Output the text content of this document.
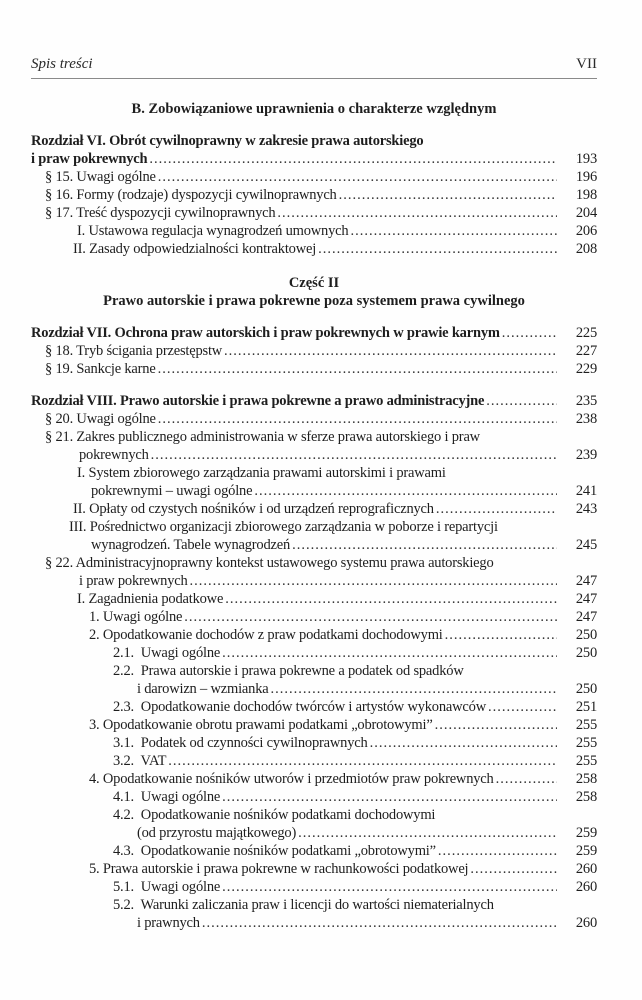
Spis treści	VII
B. Zobowiązaniowe uprawnienia o charakterze względnym
Rozdział VI. Obrót cywilnoprawny w zakresie prawa autorskiego
i praw pokrewnych .....	193
§ 15. Uwagi ogólne .....	196
§ 16. Formy (rodzaje) dyspozycji cywilnoprawnych .....	198
§ 17. Treść dyspozycji cywilnoprawnych .....	204
I. Ustawowa regulacja wynagrodzeń umownych .....	206
II. Zasady odpowiedzialności kontraktowej .....	208
Część II
Prawo autorskie i prawa pokrewne poza systemem prawa cywilnego
Rozdział VII. Ochrona praw autorskich i praw pokrewnych w prawie karnym .....	225
§ 18. Tryb ścigania przestępstw .....	227
§ 19. Sankcje karne .....	229
Rozdział VIII. Prawo autorskie i prawa pokrewne a prawo administracyjne .....	235
§ 20. Uwagi ogólne .....	238
§ 21. Zakres publicznego administrowania w sferze prawa autorskiego i praw
pokrewnych .....	239
I. System zbiorowego zarządzania prawami autorskimi i prawami
pokrewnymi – uwagi ogólne .....	241
II. Opłaty od czystych nośników i od urządzeń reprograficznych .....	243
III. Pośrednictwo organizacji zbiorowego zarządzania w poborze i repartycji
wynagrodzeń. Tabele wynagrodzeń .....	245
§ 22. Administracyjnoprawny kontekst ustawowego systemu prawa autorskiego
i praw pokrewnych .....	247
I. Zagadnienia podatkowe .....	247
1. Uwagi ogólne .....	247
2. Opodatkowanie dochodów z praw podatkami dochodowymi .....	250
2.1.  Uwagi ogólne .....	250
2.2.  Prawa autorskie i prawa pokrewne a podatek od spadków
i darowizn – wzmianka .....	250
2.3.  Opodatkowanie dochodów twórców i artystów wykonawców .....	251
3. Opodatkowanie obrotu prawami podatkami „obrotowymi” .....	255
3.1.  Podatek od czynności cywilnoprawnych .....	255
3.2.  VAT .....	255
4. Opodatkowanie nośników utworów i przedmiotów praw pokrewnych .....	258
4.1.  Uwagi ogólne .....	258
4.2.  Opodatkowanie nośników podatkami dochodowymi
(od przyrostu majątkowego) .....	259
4.3.  Opodatkowanie nośników podatkami „obrotowymi” .....	259
5. Prawa autorskie i prawa pokrewne w rachunkowości podatkowej .....	260
5.1.  Uwagi ogólne .....	260
5.2.  Warunki zaliczania praw i licencji do wartości niematerialnych
i prawnych .....	260
